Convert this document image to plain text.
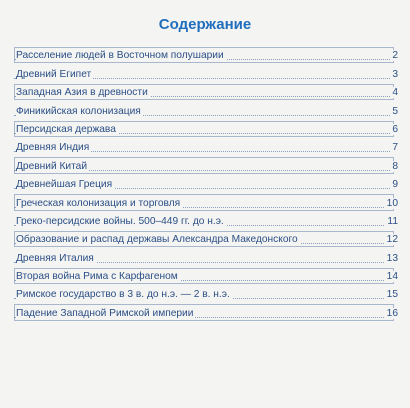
Содержание
Расселение людей в Восточном полушарии	2
Древний Египет	3
Западная Азия в древности	4
Финикийская колонизация	5
Персидская держава	6
Древняя Индия	7
Древний Китай	8
Древнейшая Греция	9
Греческая колонизация и торговля	10
Греко-персидские войны. 500–449 гг. до н.э.	11
Образование и распад державы Александра Македонского	12
Древняя Италия	13
Вторая война Рима с Карфагеном	14
Римское государство в 3 в. до н.э. — 2 в. н.э.	15
Падение Западной Римской империи	16
